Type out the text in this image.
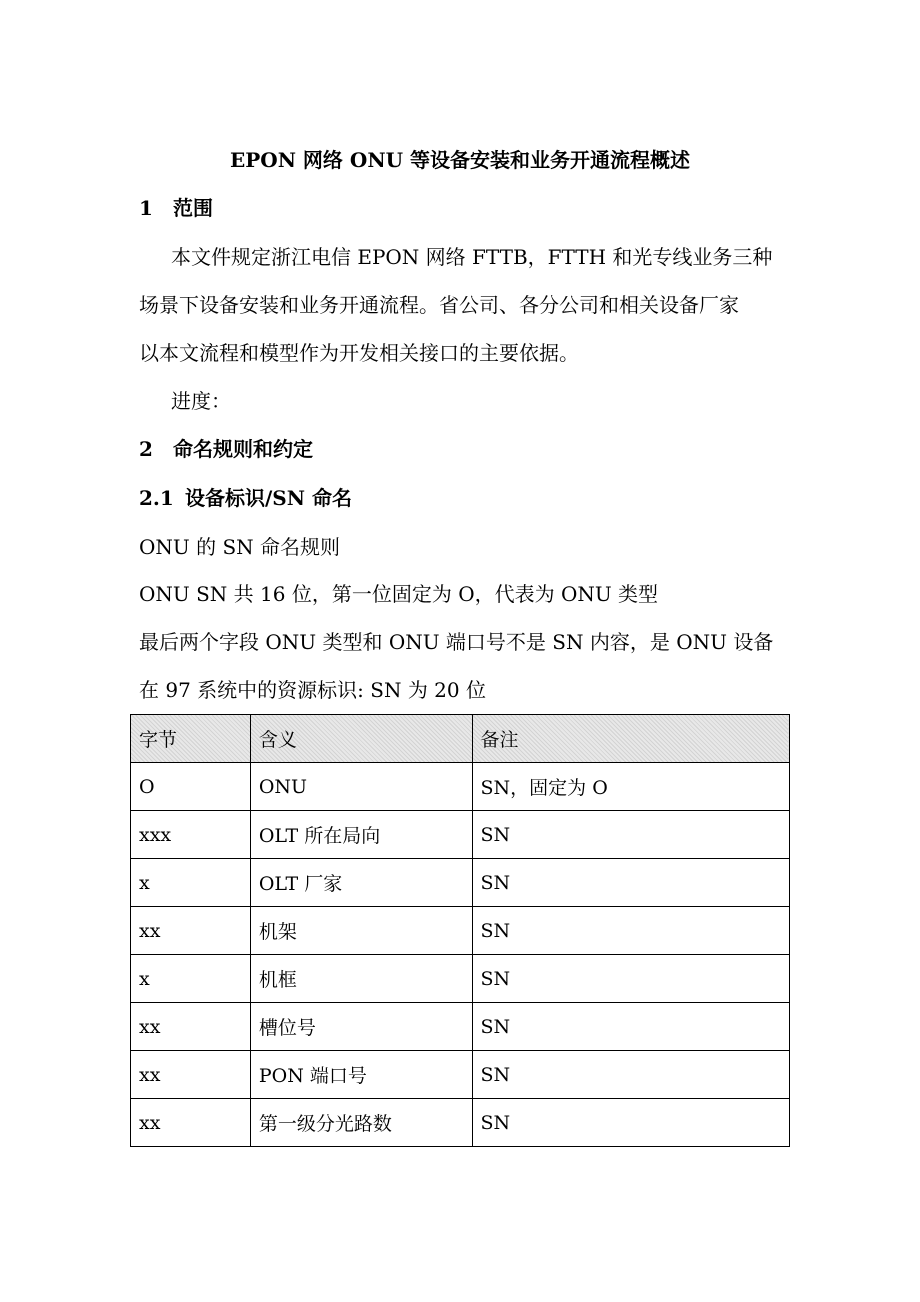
EPON 网络 ONU 等设备安装和业务开通流程概述
1 范围
本文件规定浙江电信 EPON 网络 FTTB，FTTH 和光专线业务三种
场景下设备安装和业务开通流程。省公司、各分公司和相关设备厂家
以本文流程和模型作为开发相关接口的主要依据。
进度：
2 命名规则和约定
2.1 设备标识/SN 命名
ONU 的 SN 命名规则
ONU SN 共 16 位，第一位固定为 O，代表为 ONU 类型
最后两个字段 ONU 类型和 ONU 端口号不是 SN 内容，是 ONU 设备
在 97 系统中的资源标识: SN 为 20 位
字节	含义	备注
O	ONU	SN，固定为 O
xxx	OLT 所在局向	SN
x	OLT 厂家	SN
xx	机架	SN
x	机框	SN
xx	槽位号	SN
xx	PON 端口号	SN
xx	第一级分光路数	SN
